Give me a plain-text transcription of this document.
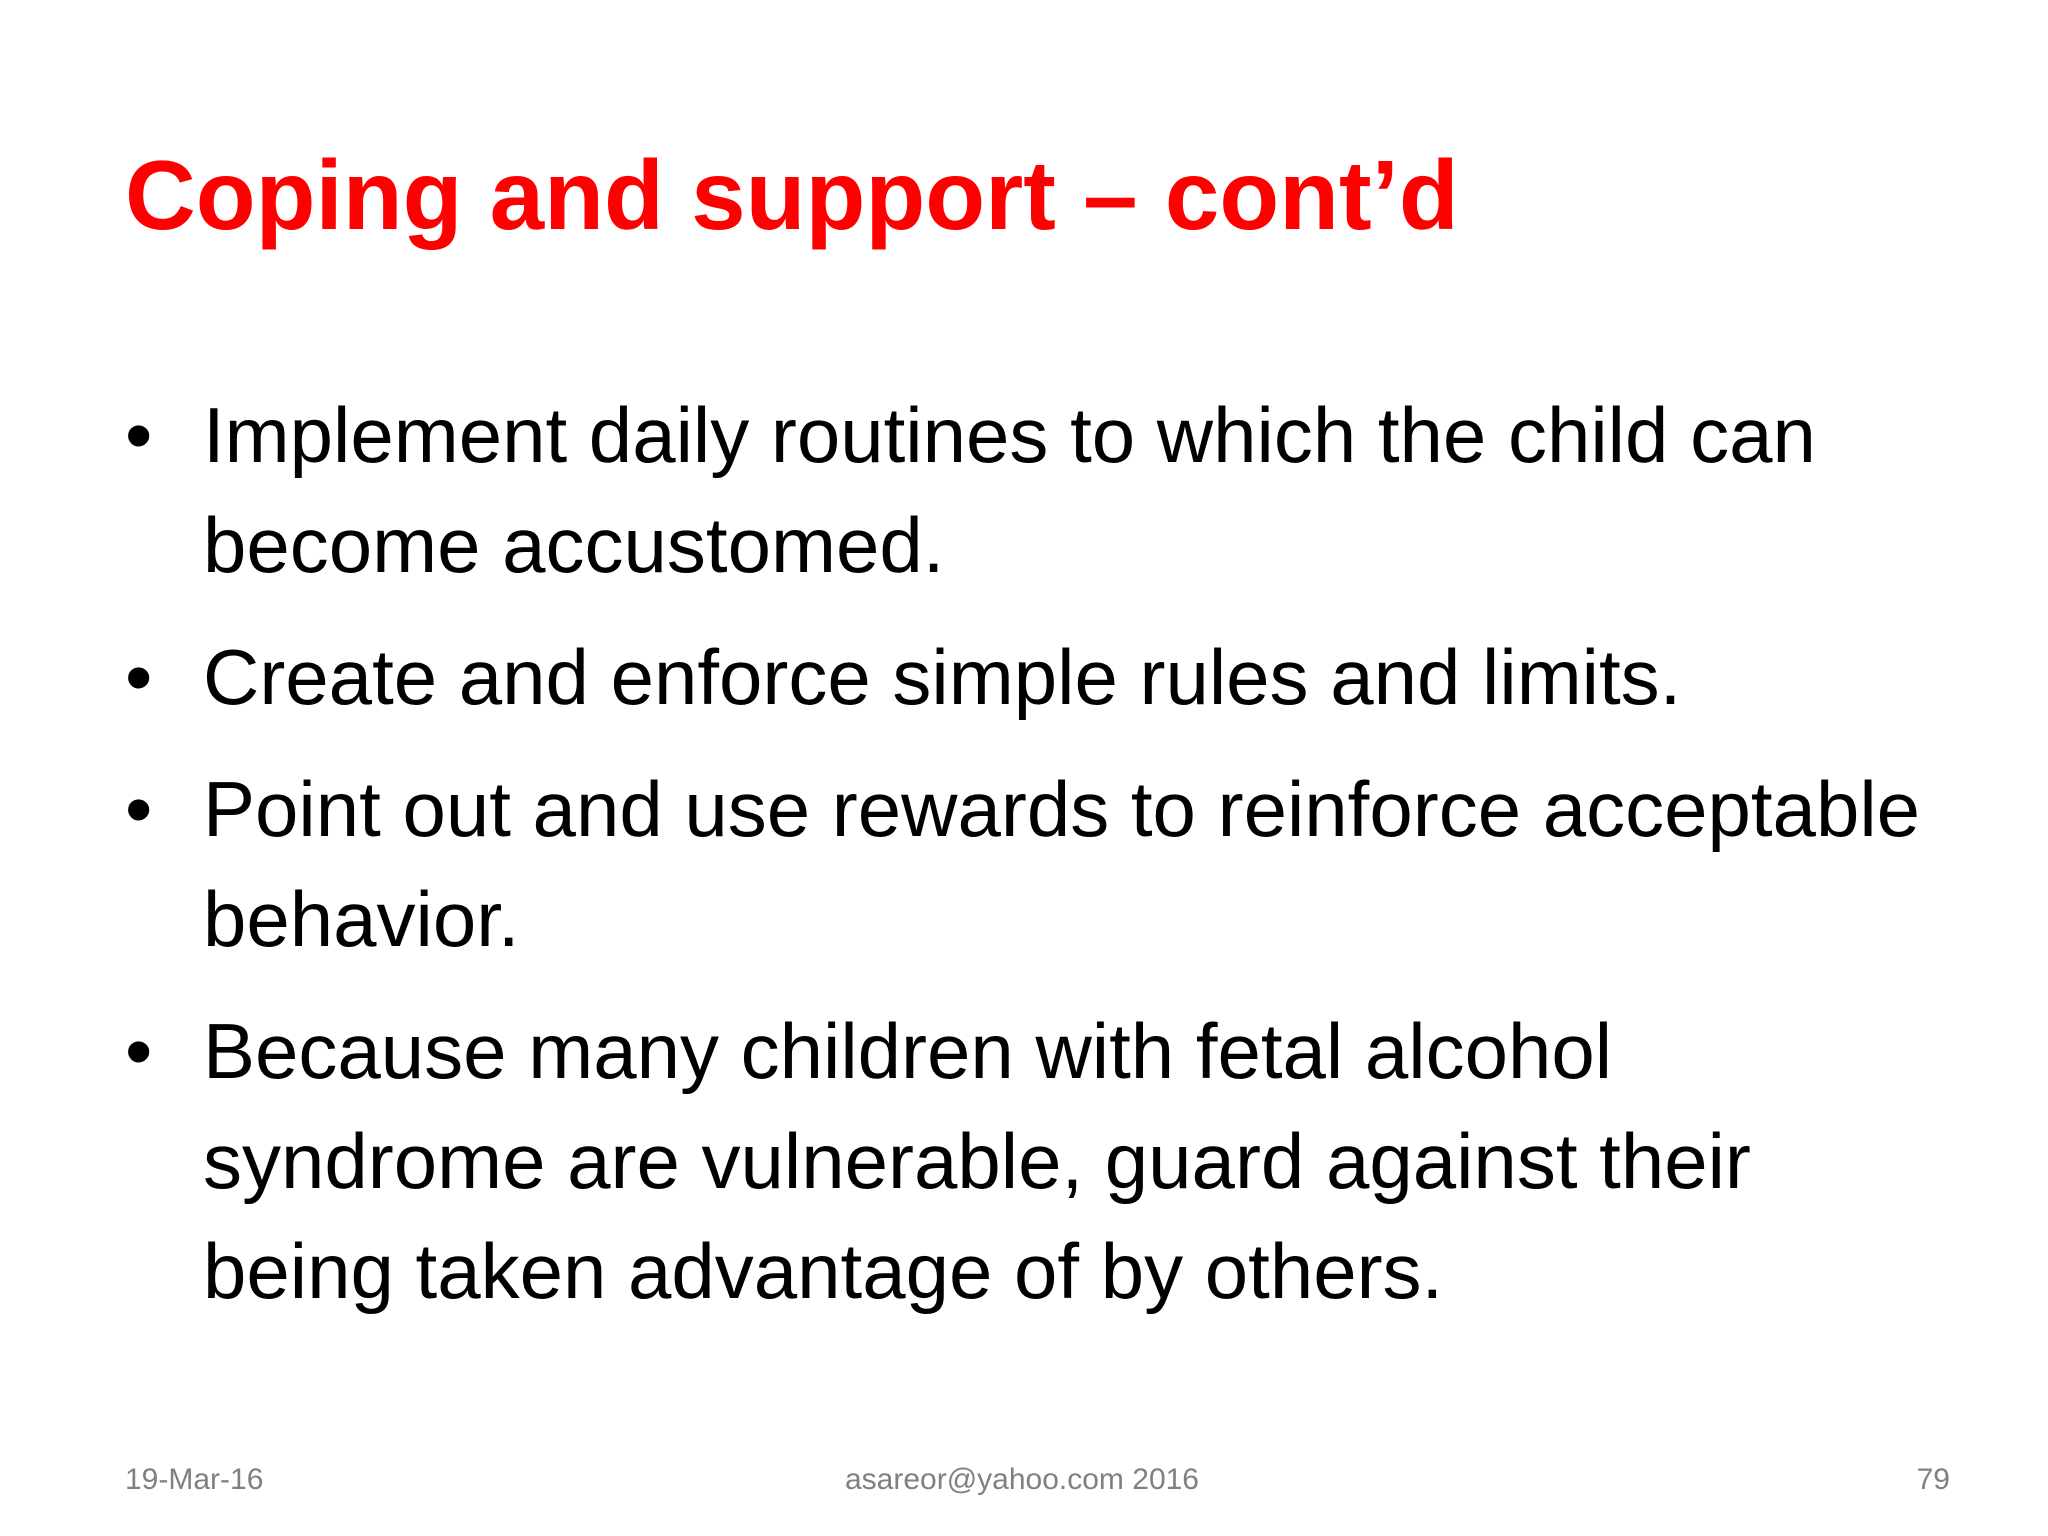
Coping and support – cont’d
• Implement daily routines to which the child can become accustomed.
• Create and enforce simple rules and limits.
• Point out and use rewards to reinforce acceptable behavior.
• Because many children with fetal alcohol syndrome are vulnerable, guard against their being taken advantage of by others.
19-Mar-16	asareor@yahoo.com 2016	79
